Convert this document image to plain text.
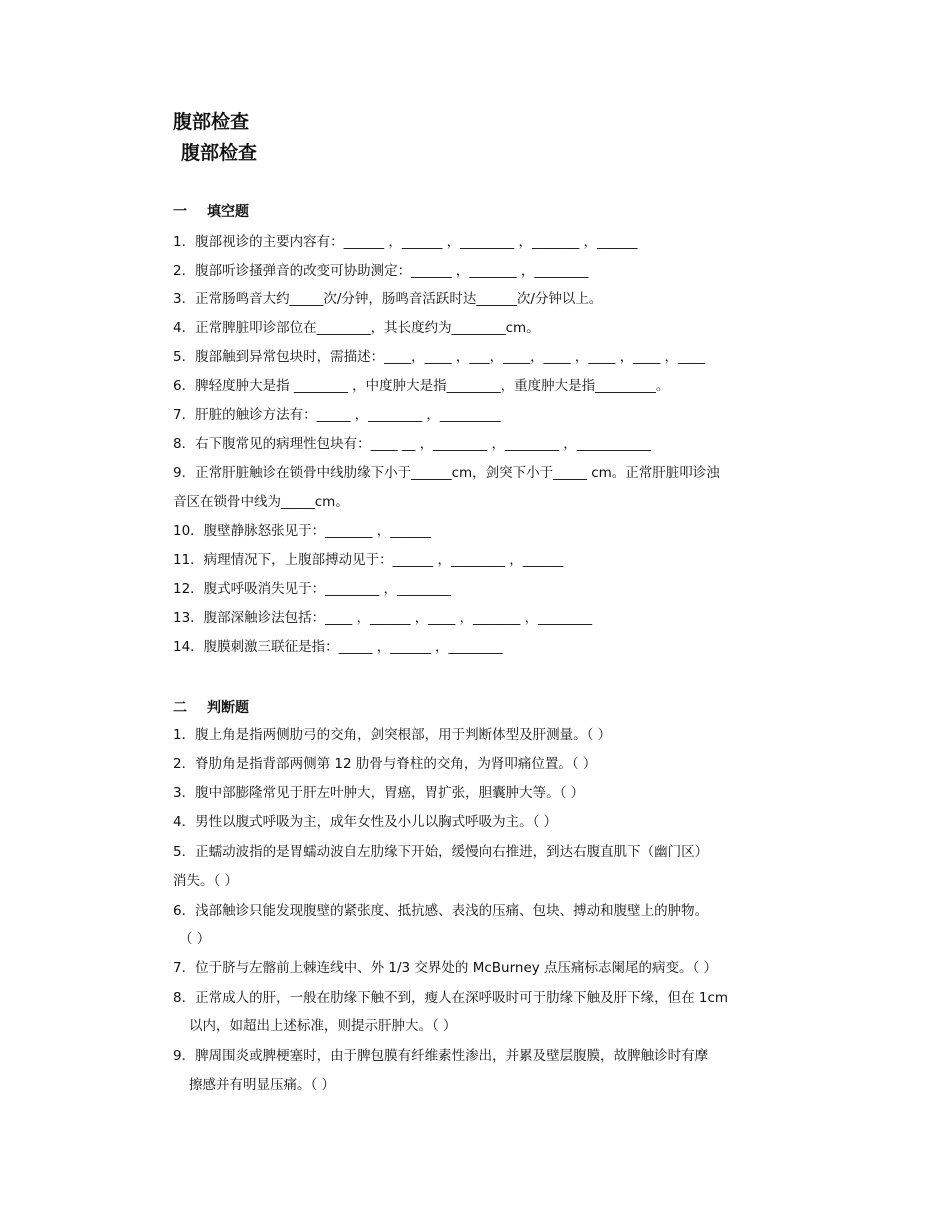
腹部检查
腹部检查
一 填空题
1．腹部视诊的主要内容有：______ ，______ ，________ ，_______ ，______
2．腹部听诊搔弹音的改变可协助测定：______ ，_______ ，________
3．正常肠鸣音大约_____次/分钟，肠鸣音活跃时达______次/分钟以上。
4．正常脾脏叩诊部位在________，其长度约为________cm。
5．腹部触到异常包块时，需描述：____，____ ，___，____，____ ，____ ，____ ，____
6．脾轻度肿大是指 ________ ，中度肿大是指________，重度肿大是指_________。
7．肝脏的触诊方法有：_____ ，________ ，_________
8．右下腹常见的病理性包块有：____ __ ，________ ，________ ，___________
9．正常肝脏触诊在锁骨中线肋缘下小于______cm，剑突下小于_____ cm。正常肝脏叩诊浊
音区在锁骨中线为_____cm。
10．腹壁静脉怒张见于：_______ ，______
11．病理情况下，上腹部搏动见于：______ ，________ ，______
12．腹式呼吸消失见于：________ ，________
13．腹部深触诊法包括：____ ，______ ，____ ，_______ ，________
14．腹膜刺激三联征是指：_____ ，______ ，________
二 判断题
1．腹上角是指两侧肋弓的交角，剑突根部，用于判断体型及肝测量。（ ）
2．脊肋角是指背部两侧第 12 肋骨与脊柱的交角，为肾叩痛位置。（ ）
3．腹中部膨隆常见于肝左叶肿大，胃癌，胃扩张，胆囊肿大等。（ ）
4．男性以腹式呼吸为主，成年女性及小儿以胸式呼吸为主。（ ）
5．正蠕动波指的是胃蠕动波自左肋缘下开始，缓慢向右推进，到达右腹直肌下（幽门区）
消失。（ ）
6．浅部触诊只能发现腹壁的紧张度、抵抗感、表浅的压痛、包块、搏动和腹壁上的肿物。
（ ）
7．位于脐与左髂前上棘连线中、外 1/3 交界处的 McBurney 点压痛标志阑尾的病变。（ ）
8．正常成人的肝，一般在肋缘下触不到，瘦人在深呼吸时可于肋缘下触及肝下缘，但在 1cm
以内，如超出上述标准，则提示肝肿大。（ ）
9．脾周围炎或脾梗塞时，由于脾包膜有纤维素性渗出，并累及壁层腹膜，故脾触诊时有摩
擦感并有明显压痛。（ ）
